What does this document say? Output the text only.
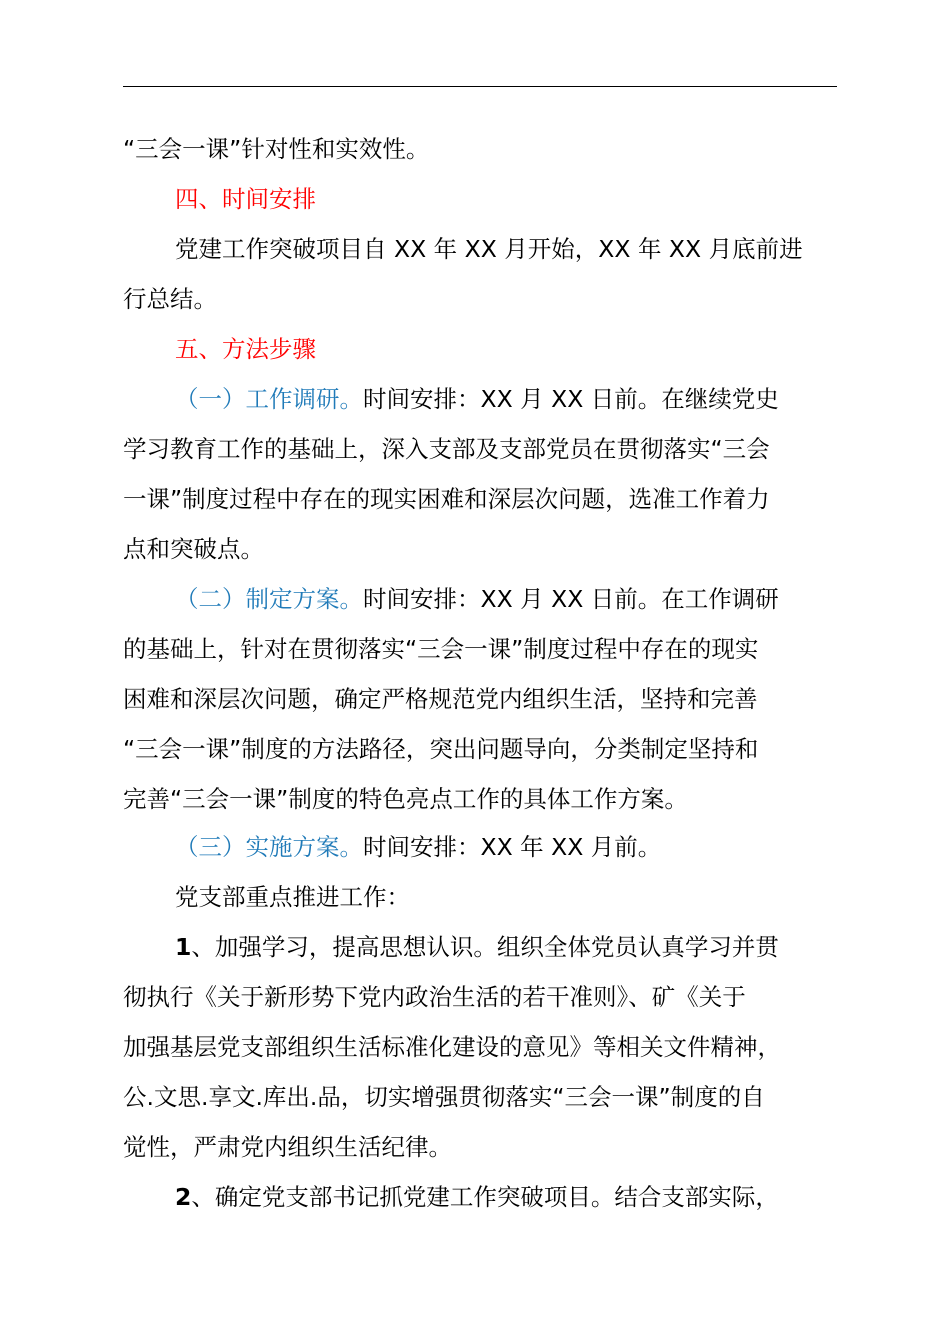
“三会一课”针对性和实效性。
四、时间安排
党建工作突破项目自 XX 年 XX 月开始，XX 年 XX 月底前进
行总结。
五、方法步骤
（一）工作调研。时间安排：XX 月 XX 日前。在继续党史
学习教育工作的基础上，深入支部及支部党员在贯彻落实“三会
一课”制度过程中存在的现实困难和深层次问题，选准工作着力
点和突破点。
（二）制定方案。时间安排：XX 月 XX 日前。在工作调研
的基础上，针对在贯彻落实“三会一课”制度过程中存在的现实
困难和深层次问题，确定严格规范党内组织生活，坚持和完善
“三会一课”制度的方法路径，突出问题导向，分类制定坚持和
完善“三会一课”制度的特色亮点工作的具体工作方案。
（三）实施方案。时间安排：XX 年 XX 月前。
党支部重点推进工作：
1、加强学习，提高思想认识。组织全体党员认真学习并贯
彻执行《关于新形势下党内政治生活的若干准则》、矿《关于
加强基层党支部组织生活标准化建设的意见》等相关文件精神，
公.文思.享文.库出.品，切实增强贯彻落实“三会一课”制度的自
觉性，严肃党内组织生活纪律。
2、确定党支部书记抓党建工作突破项目。结合支部实际，
